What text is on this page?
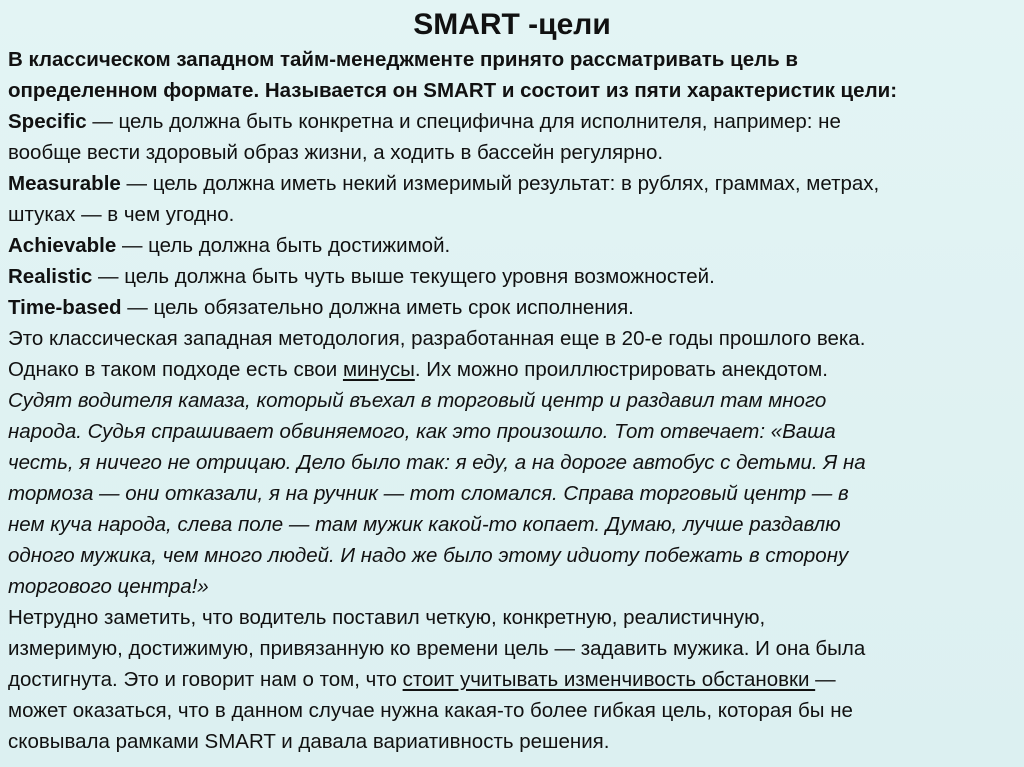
SMART -цели
В классическом западном тайм-менеджменте принято рассматривать цель в
определенном формате. Называется он SMART и состоит из пяти характеристик цели:
Specific — цель должна быть конкретна и специфична для исполнителя, например: не
вообще вести здоровый образ жизни, а ходить в бассейн регулярно.
Measurable — цель должна иметь некий измеримый результат: в рублях, граммах, метрах,
штуках — в чем угодно.
Achievable — цель должна быть достижимой.
Realistic — цель должна быть чуть выше текущего уровня возможностей.
Time-based — цель обязательно должна иметь срок исполнения.
Это классическая западная методология, разработанная еще в 20-е годы прошлого века.
Однако в таком подходе есть свои минусы. Их можно проиллюстрировать анекдотом.
Судят водителя камаза, который въехал в торговый центр и раздавил там много
народа. Судья спрашивает обвиняемого, как это произошло. Тот отвечает: «Ваша
честь, я ничего не отрицаю. Дело было так: я еду, а на дороге автобус с детьми. Я на
тормоза — они отказали, я на ручник — тот сломался. Справа торговый центр — в
нем куча народа, слева поле — там мужик какой-то копает. Думаю, лучше раздавлю
одного мужика, чем много людей. И надо же было этому идиоту побежать в сторону
торгового центра!»
Нетрудно заметить, что водитель поставил четкую, конкретную, реалистичную,
измеримую, достижимую, привязанную ко времени цель — задавить мужика. И она была
достигнута. Это и говорит нам о том, что стоит учитывать изменчивость обстановки —
может оказаться, что в данном случае нужна какая-то более гибкая цель, которая бы не
сковывала рамками SMART и давала вариативность решения.
